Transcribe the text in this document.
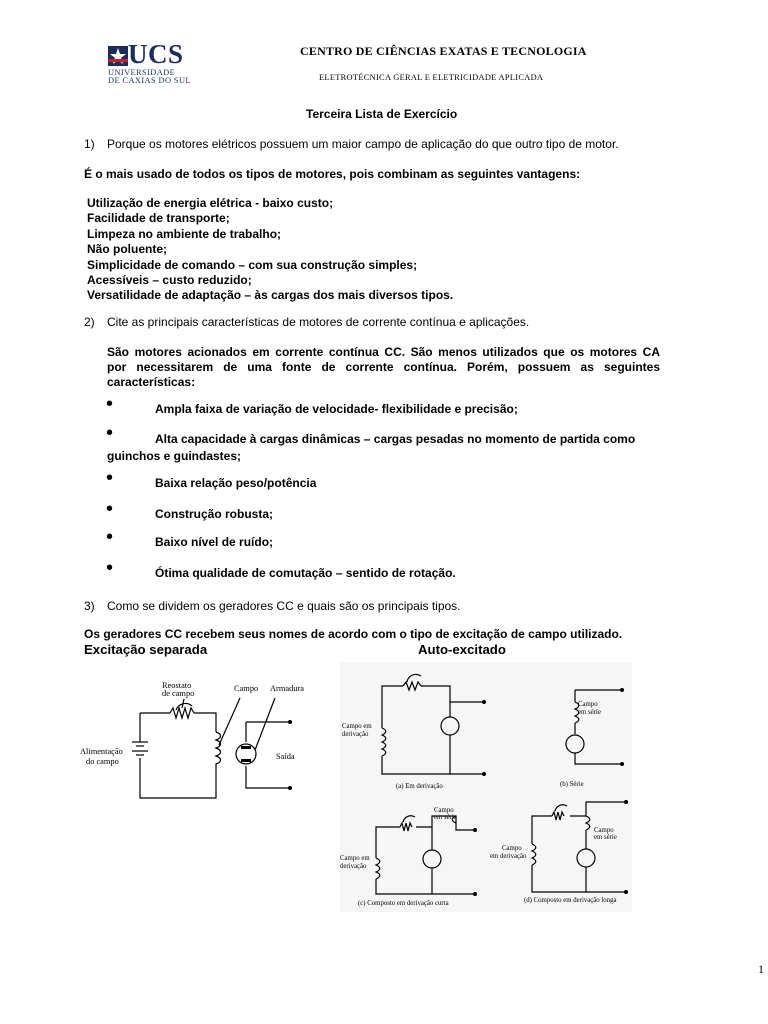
UCS
UNIVERSIDADE
DE CAXIAS DO SUL
CENTRO DE CIÊNCIAS EXATAS E TECNOLOGIA
ELETROTÉCNICA GERAL E ELETRICIDADE APLICADA
Terceira Lista de Exercício
1) Porque os motores elétricos possuem um maior campo de aplicação do que outro tipo de motor.
É o mais usado de todos os tipos de motores, pois combinam as seguintes vantagens:
Utilização de energia elétrica - baixo custo;
Facilidade de transporte;
Limpeza no ambiente de trabalho;
Não poluente;
Simplicidade de comando – com sua construção simples;
Acessíveis – custo reduzido;
Versatilidade de adaptação – às cargas dos mais diversos tipos.
2) Cite as principais características de motores de corrente contínua e aplicações.
São motores acionados em corrente contínua CC. São menos utilizados que os motores CA
por necessitarem de uma fonte de corrente contínua. Porém, possuem as seguintes
características:
•	Ampla faixa de variação de velocidade- flexibilidade e precisão;
•	Alta capacidade à cargas dinâmicas – cargas pesadas no momento de partida como
guinchos e guindastes;
•	Baixa relação peso/potência
•	Construção robusta;
•	Baixo nível de ruído;
•	Ótima qualidade de comutação – sentido de rotação.
3) Como se dividem os geradores CC e quais são os principais tipos.
Os geradores CC recebem seus nomes de acordo com o tipo de excitação de campo utilizado.
Excitação separada	Auto-excitado
Reostato
de campo
Campo Armadura
Alimentação
do campo
Saída
Campo em
derivação
(a) Em derivação
Campo
em série
(b) Série
Campo
em série
Campo em
derivação
(c) Composto em derivação curta
Campo
em série
Campo
em derivação
(d) Composto em derivação longa
1
